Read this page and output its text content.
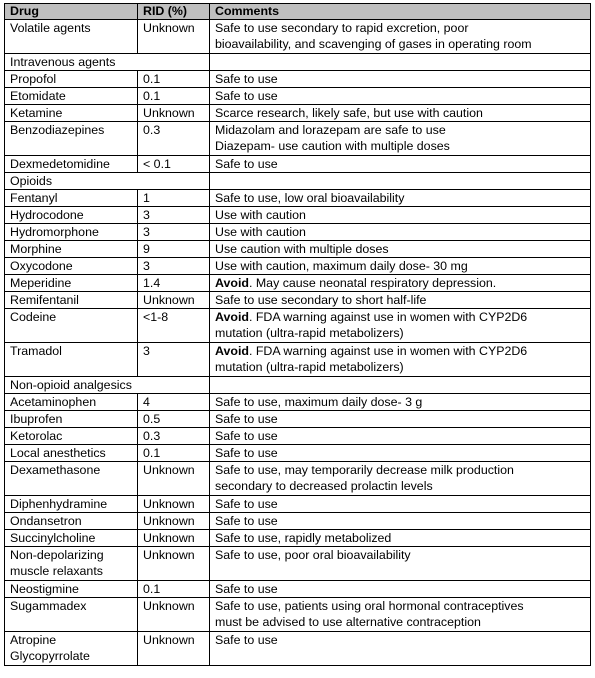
Drug	RID (%)	Comments

Volatile agents	Unknown	Safe to use secondary to rapid excretion, poor
bioavailability, and scavenging of gases in operating room

Intravenous agents		

Propofol	0.1	Safe to use

Etomidate	0.1	Safe to use

Ketamine	Unknown	Scarce research, likely safe, but use with caution

Benzodiazepines	0.3	Midazolam and lorazepam are safe to use
Diazepam- use caution with multiple doses

Dexmedetomidine	< 0.1	Safe to use

Opioids		

Fentanyl	1	Safe to use, low oral bioavailability

Hydrocodone	3	Use with caution

Hydromorphone	3	Use with caution

Morphine	9	Use caution with multiple doses

Oxycodone	3	Use with caution, maximum daily dose- 30 mg

Meperidine	1.4	Avoid. May cause neonatal respiratory depression.

Remifentanil	Unknown	Safe to use secondary to short half-life

Codeine	<1-8	Avoid. FDA warning against use in women with CYP2D6
mutation (ultra-rapid metabolizers)

Tramadol	3	Avoid. FDA warning against use in women with CYP2D6
mutation (ultra-rapid metabolizers)

Non-opioid analgesics		

Acetaminophen	4	Safe to use, maximum daily dose- 3 g

Ibuprofen	0.5	Safe to use

Ketorolac	0.3	Safe to use

Local anesthetics	0.1	Safe to use

Dexamethasone	Unknown	Safe to use, may temporarily decrease milk production
secondary to decreased prolactin levels

Diphenhydramine	Unknown	Safe to use

Ondansetron	Unknown	Safe to use

Succinylcholine	Unknown	Safe to use, rapidly metabolized

Non-depolarizing
muscle relaxants	Unknown	Safe to use, poor oral bioavailability

Neostigmine	0.1	Safe to use

Sugammadex	Unknown	Safe to use, patients using oral hormonal contraceptives
must be advised to use alternative contraception

Atropine
Glycopyrrolate	Unknown	Safe to use
